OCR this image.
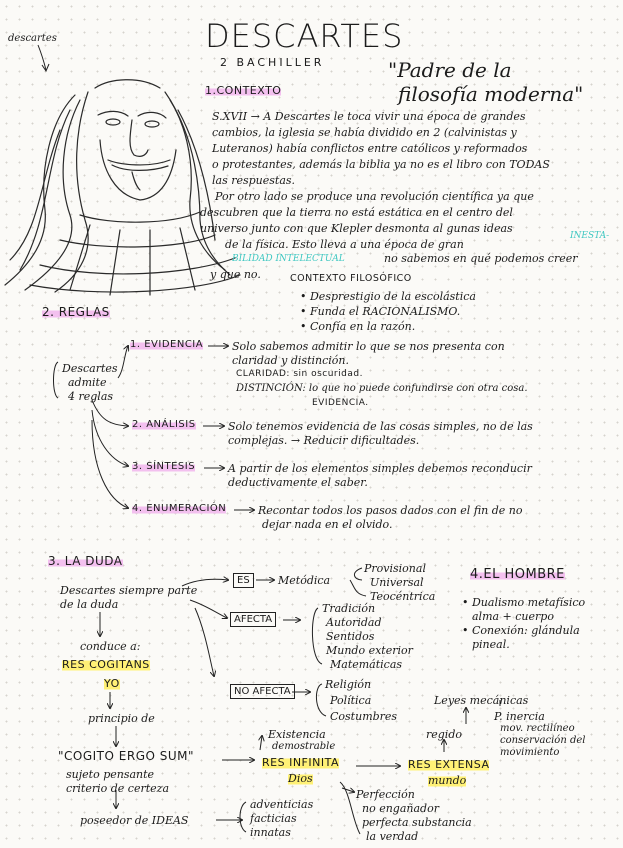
descartes	DESCARTES
2 BACHILLER	"Padre de la
filosofía moderna"
1.CONTEXTO
S.XVII → A Descartes le toca vivir una época de grandes
cambios, la iglesia se había dividido en 2 (calvinistas y
Luteranos) había conflictos entre católicos y reformados
o protestantes, además la biblia ya no es el libro con TODAS
las respuestas.
Por otro lado se produce una revolución científica ya que
descubren que la tierra no está estática en el centro del
universo junto con que Klepler desmonta al gunas ideas
de la física. Esto lleva a una época de gran
INESTA-
BILIDAD INTELECTUAL	no sabemos en qué podemos creer
y que no.	CONTEXTO FILOSÓFICO
• Desprestigio de la escolástica
• Funda el RACIONALISMO.
• Confía en la razón.
2. REGLAS
Descartes
admite
4 reglas
1. EVIDENCIA	Solo sabemos admitir lo que se nos presenta con
claridad y distinción.
CLARIDAD: sin oscuridad.
DISTINCIÓN: lo que no puede confundirse con otra cosa.
EVIDENCIA.
2. ANÁLISIS	Solo tenemos evidencia de las cosas simples, no de las
complejas. → Reducir dificultades.
3. SÍNTESIS	A partir de los elementos simples debemos reconducir
deductivamente el saber.
4. ENUMERACIÓN	Recontar todos los pasos dados con el fin de no
dejar nada en el olvido.
3. LA DUDA
Descartes siempre parte
de la duda
ES	Metódica
Provisional
Universal
Teocéntrica
AFECTA
Tradición
Autoridad
Sentidos
Mundo exterior
Matemáticas
NO AFECTA
Religión
Política
Costumbres
conduce a:
RES COGITANS
YO
principio de
"COGITO ERGO SUM"
sujeto pensante
criterio de certeza
poseedor de IDEAS
adventicias
facticias
innatas
Existencia
demostrable
RES INFINITA
Dios
Perfección
no engañador
perfecta substancia
la verdad
RES EXTENSA
mundo
regido
Leyes mecánicas
P. inercia
mov. rectilíneo
conservación del
movimiento
4.EL HOMBRE
• Dualismo metafísico
alma + cuerpo
• Conexión: glándula
pineal.
